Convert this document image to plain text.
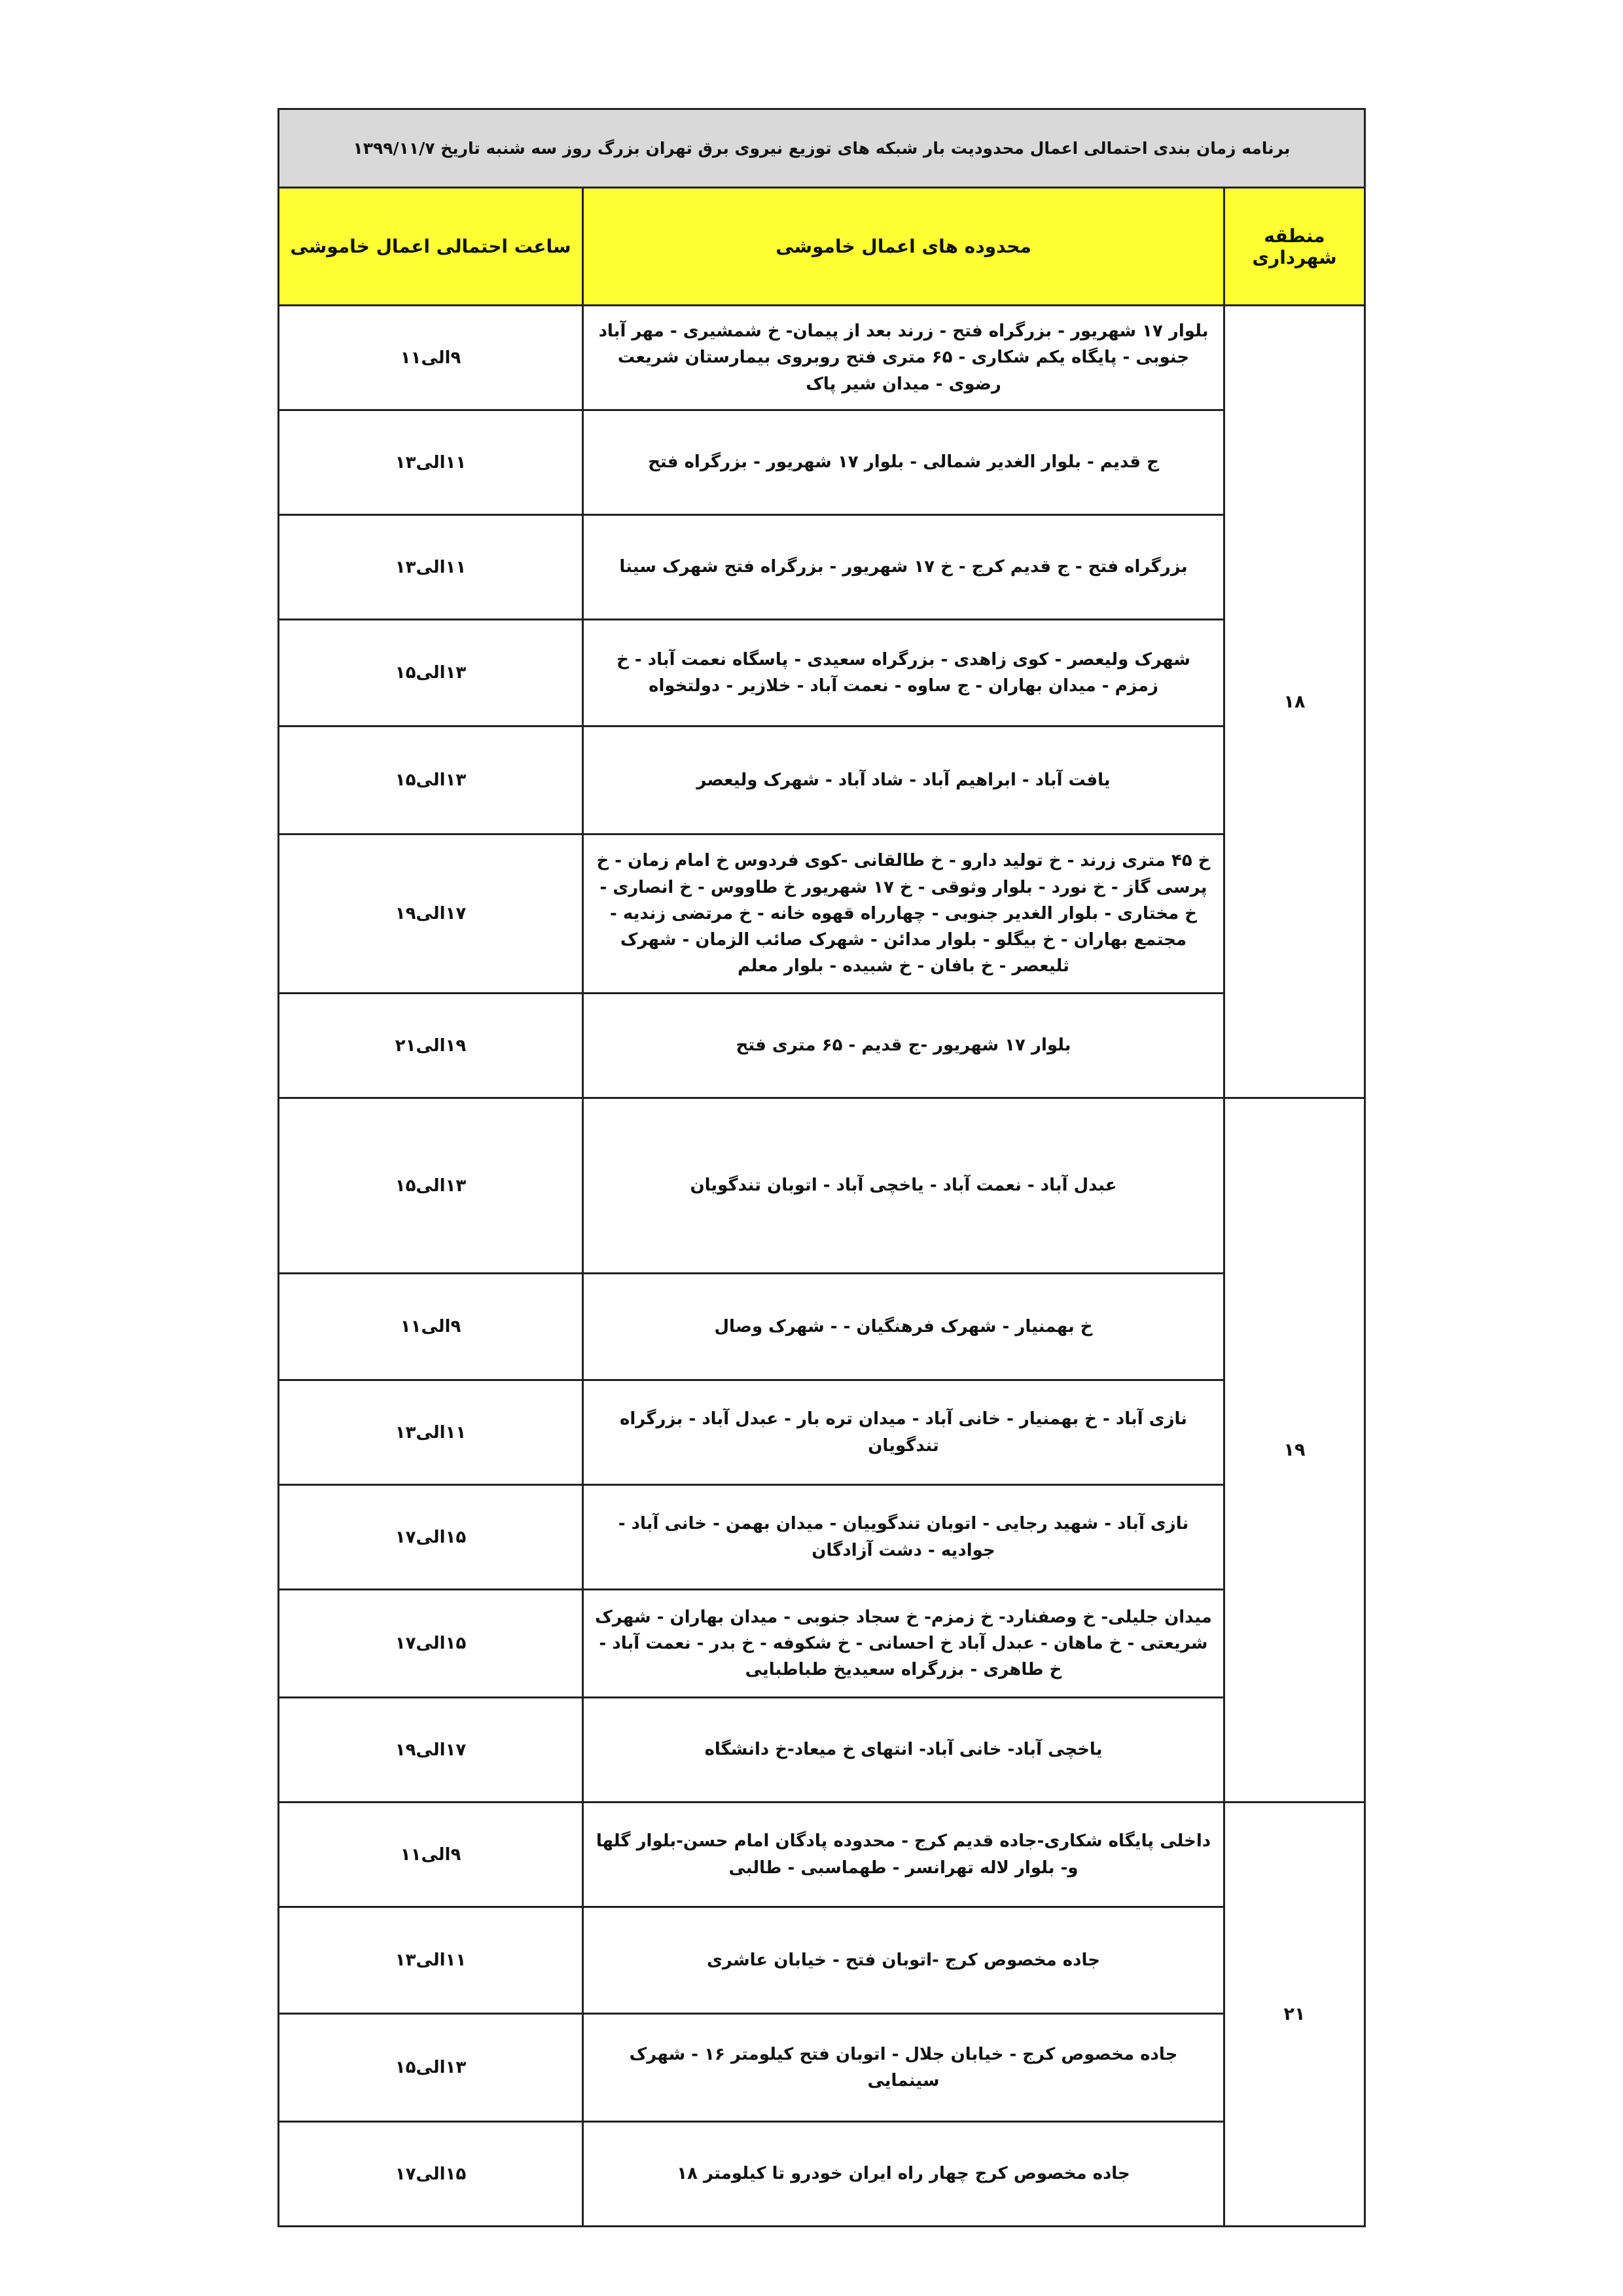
برنامه زمان بندی احتمالی اعمال محدودیت بار شبکه های توزیع نیروی برق تهران بزرگ روز سه شنبه تاریخ ۱۳۹۹/۱۱/۷		
منطقه شهرداری	محدوده های اعمال خاموشی	ساعت احتمالی اعمال خاموشی
۱۸	بلوار ۱۷ شهریور - بزرگراه فتح - زرند بعد از پیمان- خ شمشیری - مهر آباد جنوبی - پایگاه یکم شکاری - ۶۵ متری فتح روبروی بیمارستان شریعت رضوی - میدان شیر پاک	۹الی۱۱
	ج قدیم - بلوار الغدیر شمالی - بلوار ۱۷ شهریور - بزرگراه فتح	۱۱الی۱۳
	بزرگراه فتح - ج قدیم کرج - خ ۱۷ شهریور - بزرگراه فتح شهرک سینا	۱۱الی۱۳
	شهرک ولیعصر - کوی زاهدی - بزرگراه سعیدی - پاسگاه نعمت آباد - خ زمزم - میدان بهاران - ج ساوه - نعمت آباد - خلازیر - دولتخواه	۱۳الی۱۵
	یافت آباد - ابراهیم آباد - شاد آباد - شهرک ولیعصر	۱۳الی۱۵
	خ ۴۵ متری زرند - خ تولید دارو - خ طالقانی -کوی فردوس خ امام زمان - خ پرسی گاز - خ نورد - بلوار وثوقی - خ ۱۷ شهریور خ طاووس - خ انصاری - خ مختاری - بلوار الغدیر جنوبی - چهارراه قهوه خانه - خ مرتضی زندیه - مجتمع بهاران - خ بیگلو - بلوار مدائن - شهرک صائب الزمان - شهرک ثلیعصر - خ بافان - خ شبیده - بلوار معلم	۱۷الی۱۹
	بلوار ۱۷ شهریور -ج قدیم - ۶۵ متری فتح	۱۹الی۲۱
۱۹	عبدل آباد - نعمت آباد - یاخچی آباد - اتوبان تندگویان	۱۳الی۱۵
	خ بهمنیار - شهرک فرهنگیان - - شهرک وصال	۹الی۱۱
	نازی آباد - خ بهمنیار - خانی آباد - میدان تره بار - عبدل آباد - بزرگراه تندگویان	۱۱الی۱۳
	نازی آباد - شهید رجایی - اتوبان تندگوییان - میدان بهمن - خانی آباد - جوادیه - دشت آزادگان	۱۵الی۱۷
	میدان جلیلی- خ وصفنارد- خ زمزم- خ سجاد جنوبی - میدان بهاران - شهرک شریعتی - خ ماهان - عبدل آباد خ احسانی - خ شکوفه - خ بدر - نعمت آباد - خ طاهری - بزرگراه سعیدیخ طباطبایی	۱۵الی۱۷
	یاخچی آباد- خانی آباد- انتهای خ میعاد-خ دانشگاه	۱۷الی۱۹
۲۱	داخلی پایگاه شکاری-جاده قدیم کرج - محدوده پادگان امام حسن-بلوار گلها و- بلوار لاله تهرانسر - طهماسبی - طالبی	۹الی۱۱
	جاده مخصوص کرج -اتوبان فتح - خیابان عاشری	۱۱الی۱۳
	جاده مخصوص کرج - خیابان جلال - اتوبان فتح کیلومتر ۱۶ - شهرک سینمایی	۱۳الی۱۵
	جاده مخصوص کرج چهار راه ایران خودرو تا کیلومتر ۱۸	۱۵الی۱۷
